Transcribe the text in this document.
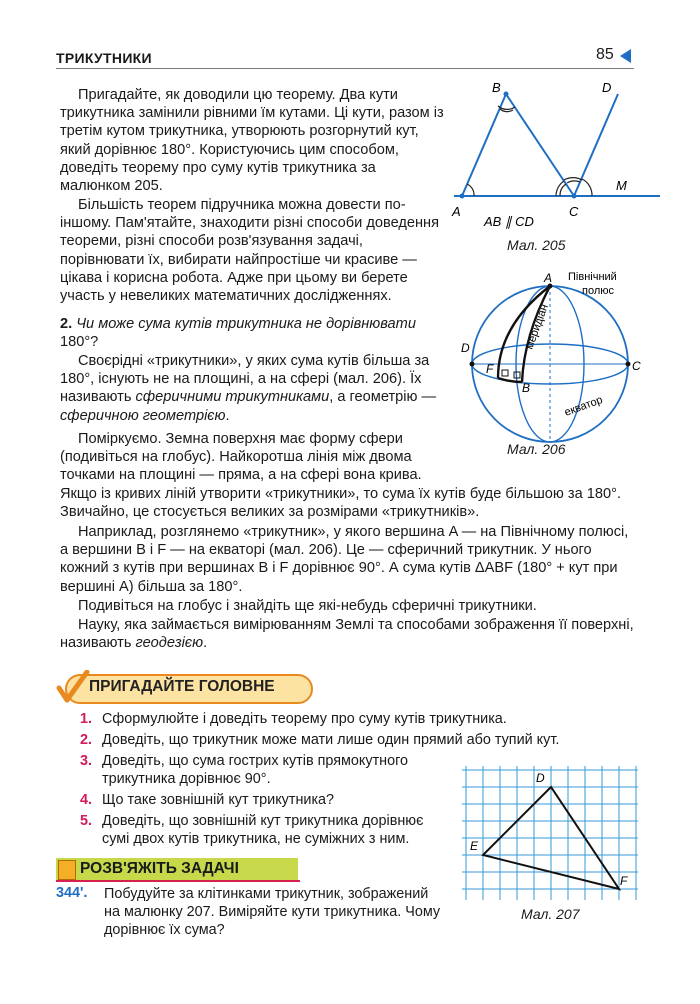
ТРИКУТНИКИ	85

Пригадайте, як доводили цю теорему. Два кути трикутника замінили рівними їм кутами. Ці кути, разом із третім кутом трикутника, утворюють розгорнутий кут, який дорівнює 180°. Користуючись цим способом, доведіть теорему про суму кутів трикутника за малюнком 205.

Більшість теорем підручника можна довести по-іншому. Пам'ятайте, знаходити різні способи доведення теореми, різні способи розв'язування задачі, порівнювати їх, вибирати найпростіше чи красиве — цікава і корисна робота. Адже при цьому ви берете участь у невеликих математичних дослідженнях.

2. Чи може сума кутів трикутника не дорівнювати 180°?

Своєрідні «трикутники», у яких сума кутів більша за 180°, існують не на площині, а на сфері (мал. 206). Їх називають сферичними трикутниками, а геометрію — сферичною геометрією.

Поміркуємо. Земна поверхня має форму сфери (подивіться на глобус). Найкоротша лінія між двома точками на площині — пряма, а на сфері вона крива.

Якщо із кривих ліній утворити «трикутники», то сума їх кутів буде більшою за 180°. Звичайно, це стосується великих за розмірами «трикутників».

Наприклад, розглянемо «трикутник», у якого вершина A — на Північному полюсі, а вершини B і F — на екваторі (мал. 206). Це — сферичний трикутник. У нього кожний з кутів при вершинах B і F дорівнює 90°. А сума кутів ΔABF (180° + кут при вершині A) більша за 180°.

Подивіться на глобус і знайдіть ще які-небудь сферичні трикутники.

Науку, яка займається вимірюванням Землі та способами зображення її поверхні, називають геодезією.

A
B
C
D
M
AB ∥ CD
Мал. 205
A
D
C
F
B
Північний
полюс
меридіан
екватор
Мал. 206
ПРИГАДАЙТЕ ГОЛОВНЕ
1. Сформулюйте і доведіть теорему про суму кутів трикутника.
2. Доведіть, що трикутник може мати лише один прямий або тупий кут.
3. Доведіть, що сума гострих кутів прямокутного трикутника дорівнює 90°.
4. Що таке зовнішній кут трикутника?
5. Доведіть, що зовнішній кут трикутника дорівнює сумі двох кутів трикутника, не суміжних з ним.
D
E
F
Мал. 207
РОЗВ'ЯЖІТЬ ЗАДАЧІ
344'. Побудуйте за клітинками трикутник, зображений на малюнку 207. Виміряйте кути трикутника. Чому дорівнює їх сума?
